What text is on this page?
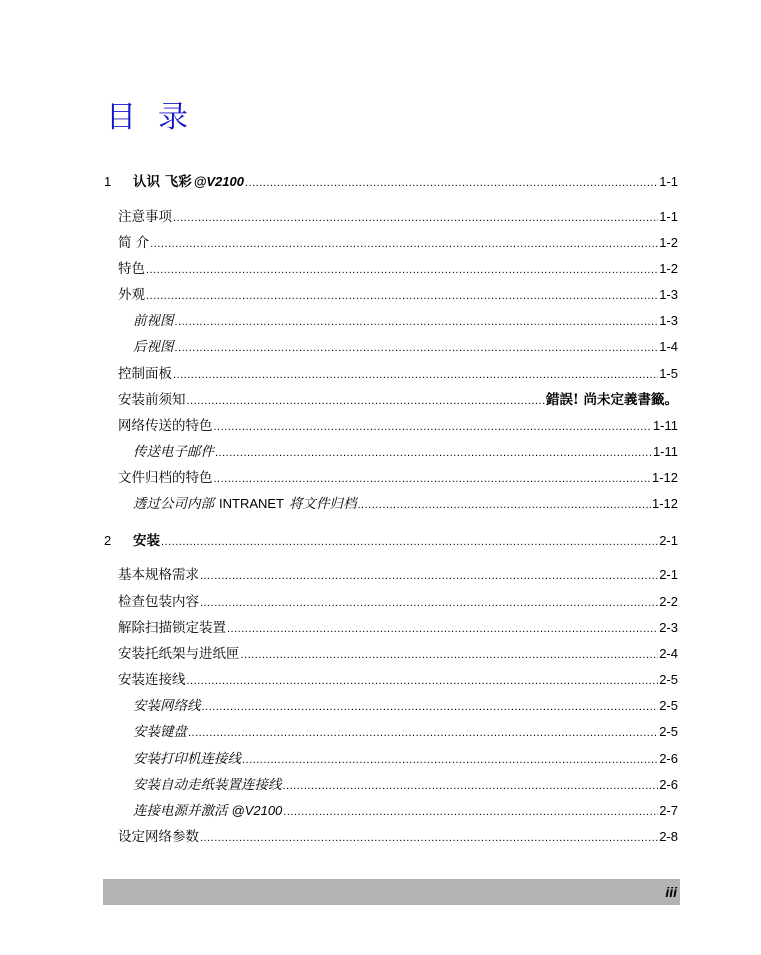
目 录
1	认识 飞彩 @V2100 .....	1-1
注意事项 .....	1-1
简 介 .....	1-2
特色 .....	1-2
外观 .....	1-3
前视图 .....	1-3
后视图 .....	1-4
控制面板 .....	1-5
安装前须知 .....	錯誤! 尚未定義書籤。
网络传送的特色 .....	1-11
传送电子邮件 .....	1-11
文件归档的特色 .....	1-12
透过公司内部 INTRANET 将文件归档 .....	1-12
2	安装 .....	2-1
基本规格需求 .....	2-1
检查包装内容 .....	2-2
解除扫描锁定装置 .....	2-3
安装托纸架与进纸匣 .....	2-4
安装连接线 .....	2-5
安装网络线 .....	2-5
安装键盘 .....	2-5
安装打印机连接线 .....	2-6
安装自动走纸装置连接线 .....	2-6
连接电源并激活 @V2100 .....	2-7
设定网络参数 .....	2-8
iii
